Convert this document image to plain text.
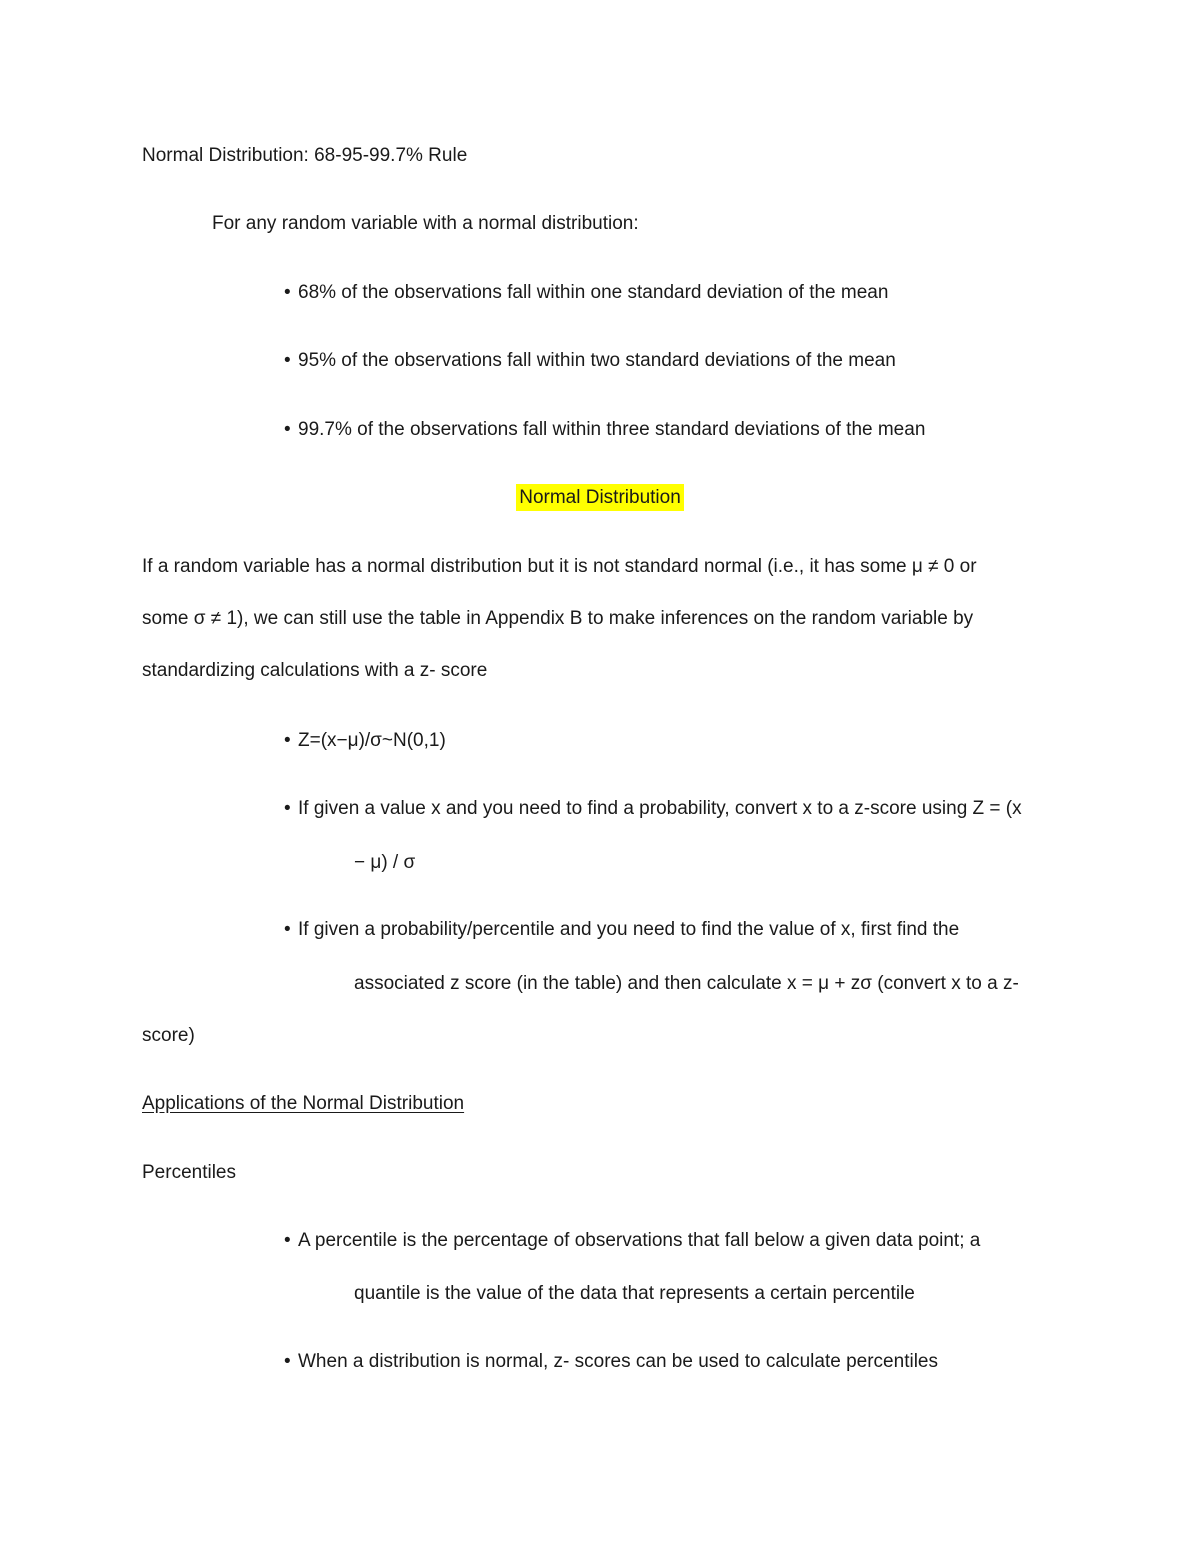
Normal Distribution: 68-95-99.7% Rule
For any random variable with a normal distribution:
• 68% of the observations fall within one standard deviation of the mean
• 95% of the observations fall within two standard deviations of the mean
• 99.7% of the observations fall within three standard deviations of the mean
Normal Distribution
If a random variable has a normal distribution but it is not standard normal (i.e., it has some μ ≠ 0 or
some σ ≠ 1), we can still use the table in Appendix B to make inferences on the random variable by
standardizing calculations with a z- score
• Z=(x−μ)/σ~N(0,1)
• If given a value x and you need to find a probability, convert x to a z-score using Z = (x
− μ) / σ
• If given a probability/percentile and you need to find the value of x, first find the
associated z score (in the table) and then calculate x = μ + zσ (convert x to a z-
score)
Applications of the Normal Distribution
Percentiles
• A percentile is the percentage of observations that fall below a given data point; a
quantile is the value of the data that represents a certain percentile
• When a distribution is normal, z- scores can be used to calculate percentiles
